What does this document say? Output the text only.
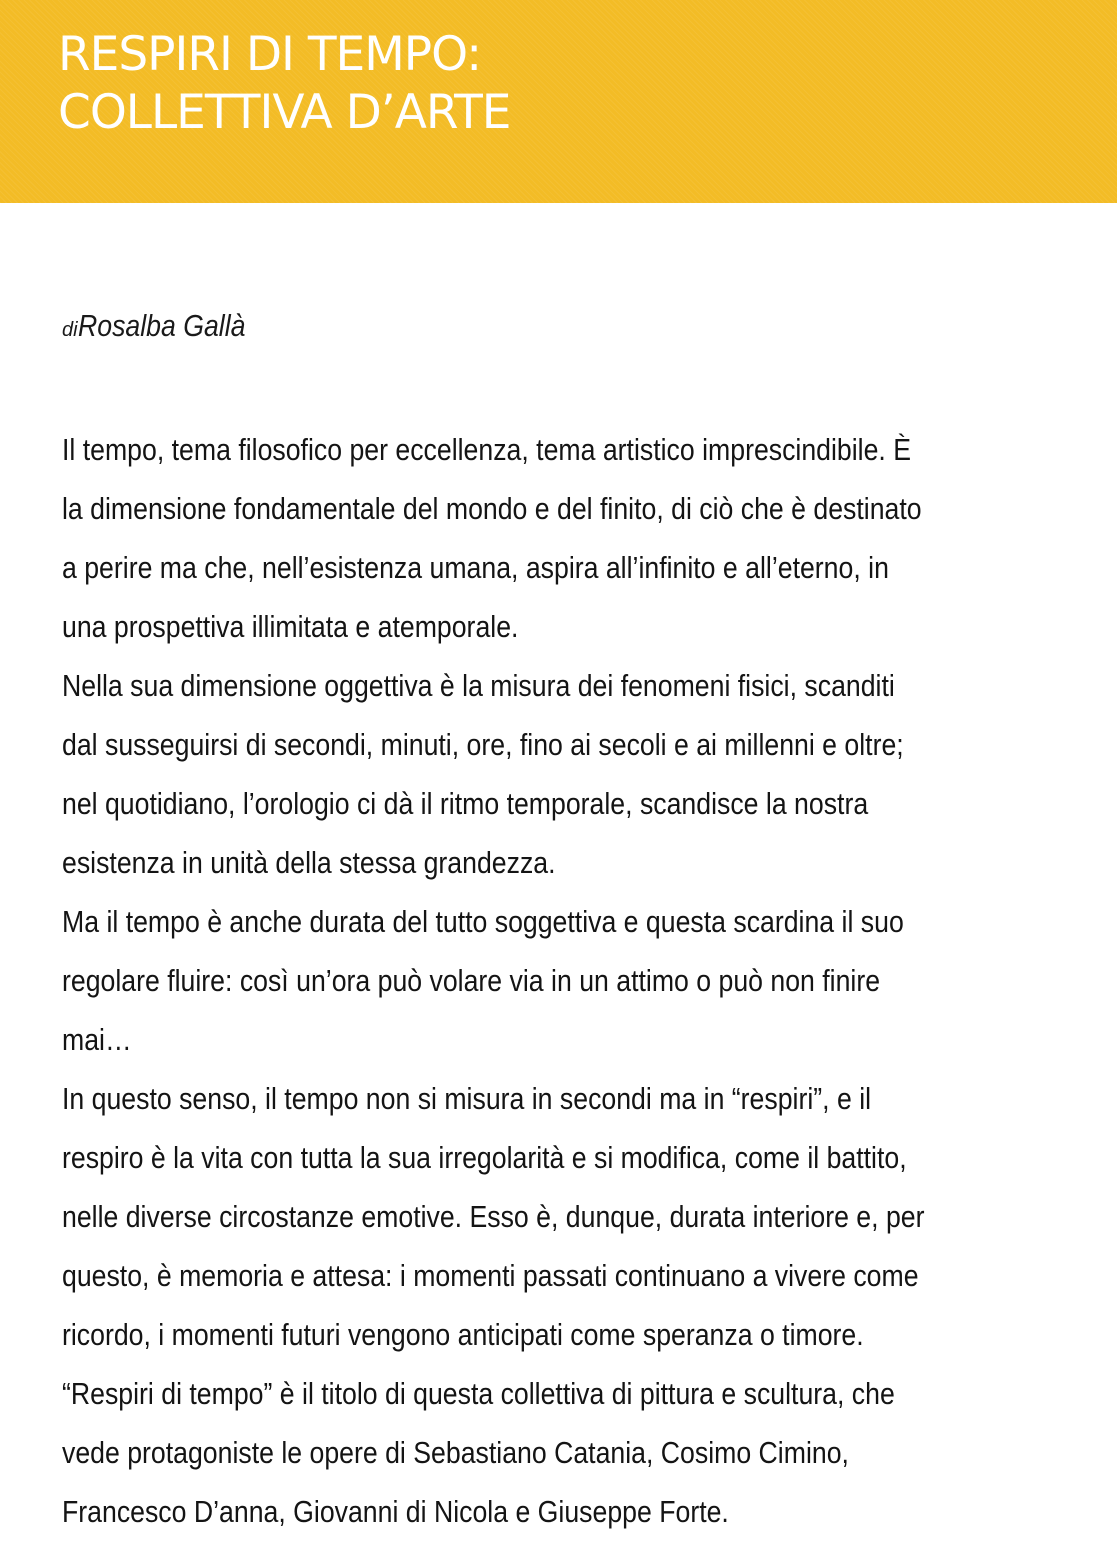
RESPIRI DI TEMPO:
COLLETTIVA D’ARTE
diRosalba Gallà
Il tempo, tema filosofico per eccellenza, tema artistico imprescindibile. È
la dimensione fondamentale del mondo e del finito, di ciò che è destinato
a perire ma che, nell’esistenza umana, aspira all’infinito e all’eterno, in
una prospettiva illimitata e atemporale.
Nella sua dimensione oggettiva è la misura dei fenomeni fisici, scanditi
dal susseguirsi di secondi, minuti, ore, fino ai secoli e ai millenni e oltre;
nel quotidiano, l’orologio ci dà il ritmo temporale, scandisce la nostra
esistenza in unità della stessa grandezza.
Ma il tempo è anche durata del tutto soggettiva e questa scardina il suo
regolare fluire: così un’ora può volare via in un attimo o può non finire
mai…
In questo senso, il tempo non si misura in secondi ma in “respiri”, e il
respiro è la vita con tutta la sua irregolarità e si modifica, come il battito,
nelle diverse circostanze emotive. Esso è, dunque, durata interiore e, per
questo, è memoria e attesa: i momenti passati continuano a vivere come
ricordo, i momenti futuri vengono anticipati come speranza o timore.
“Respiri di tempo” è il titolo di questa collettiva di pittura e scultura, che
vede protagoniste le opere di Sebastiano Catania, Cosimo Cimino,
Francesco D’anna, Giovanni di Nicola e Giuseppe Forte.
